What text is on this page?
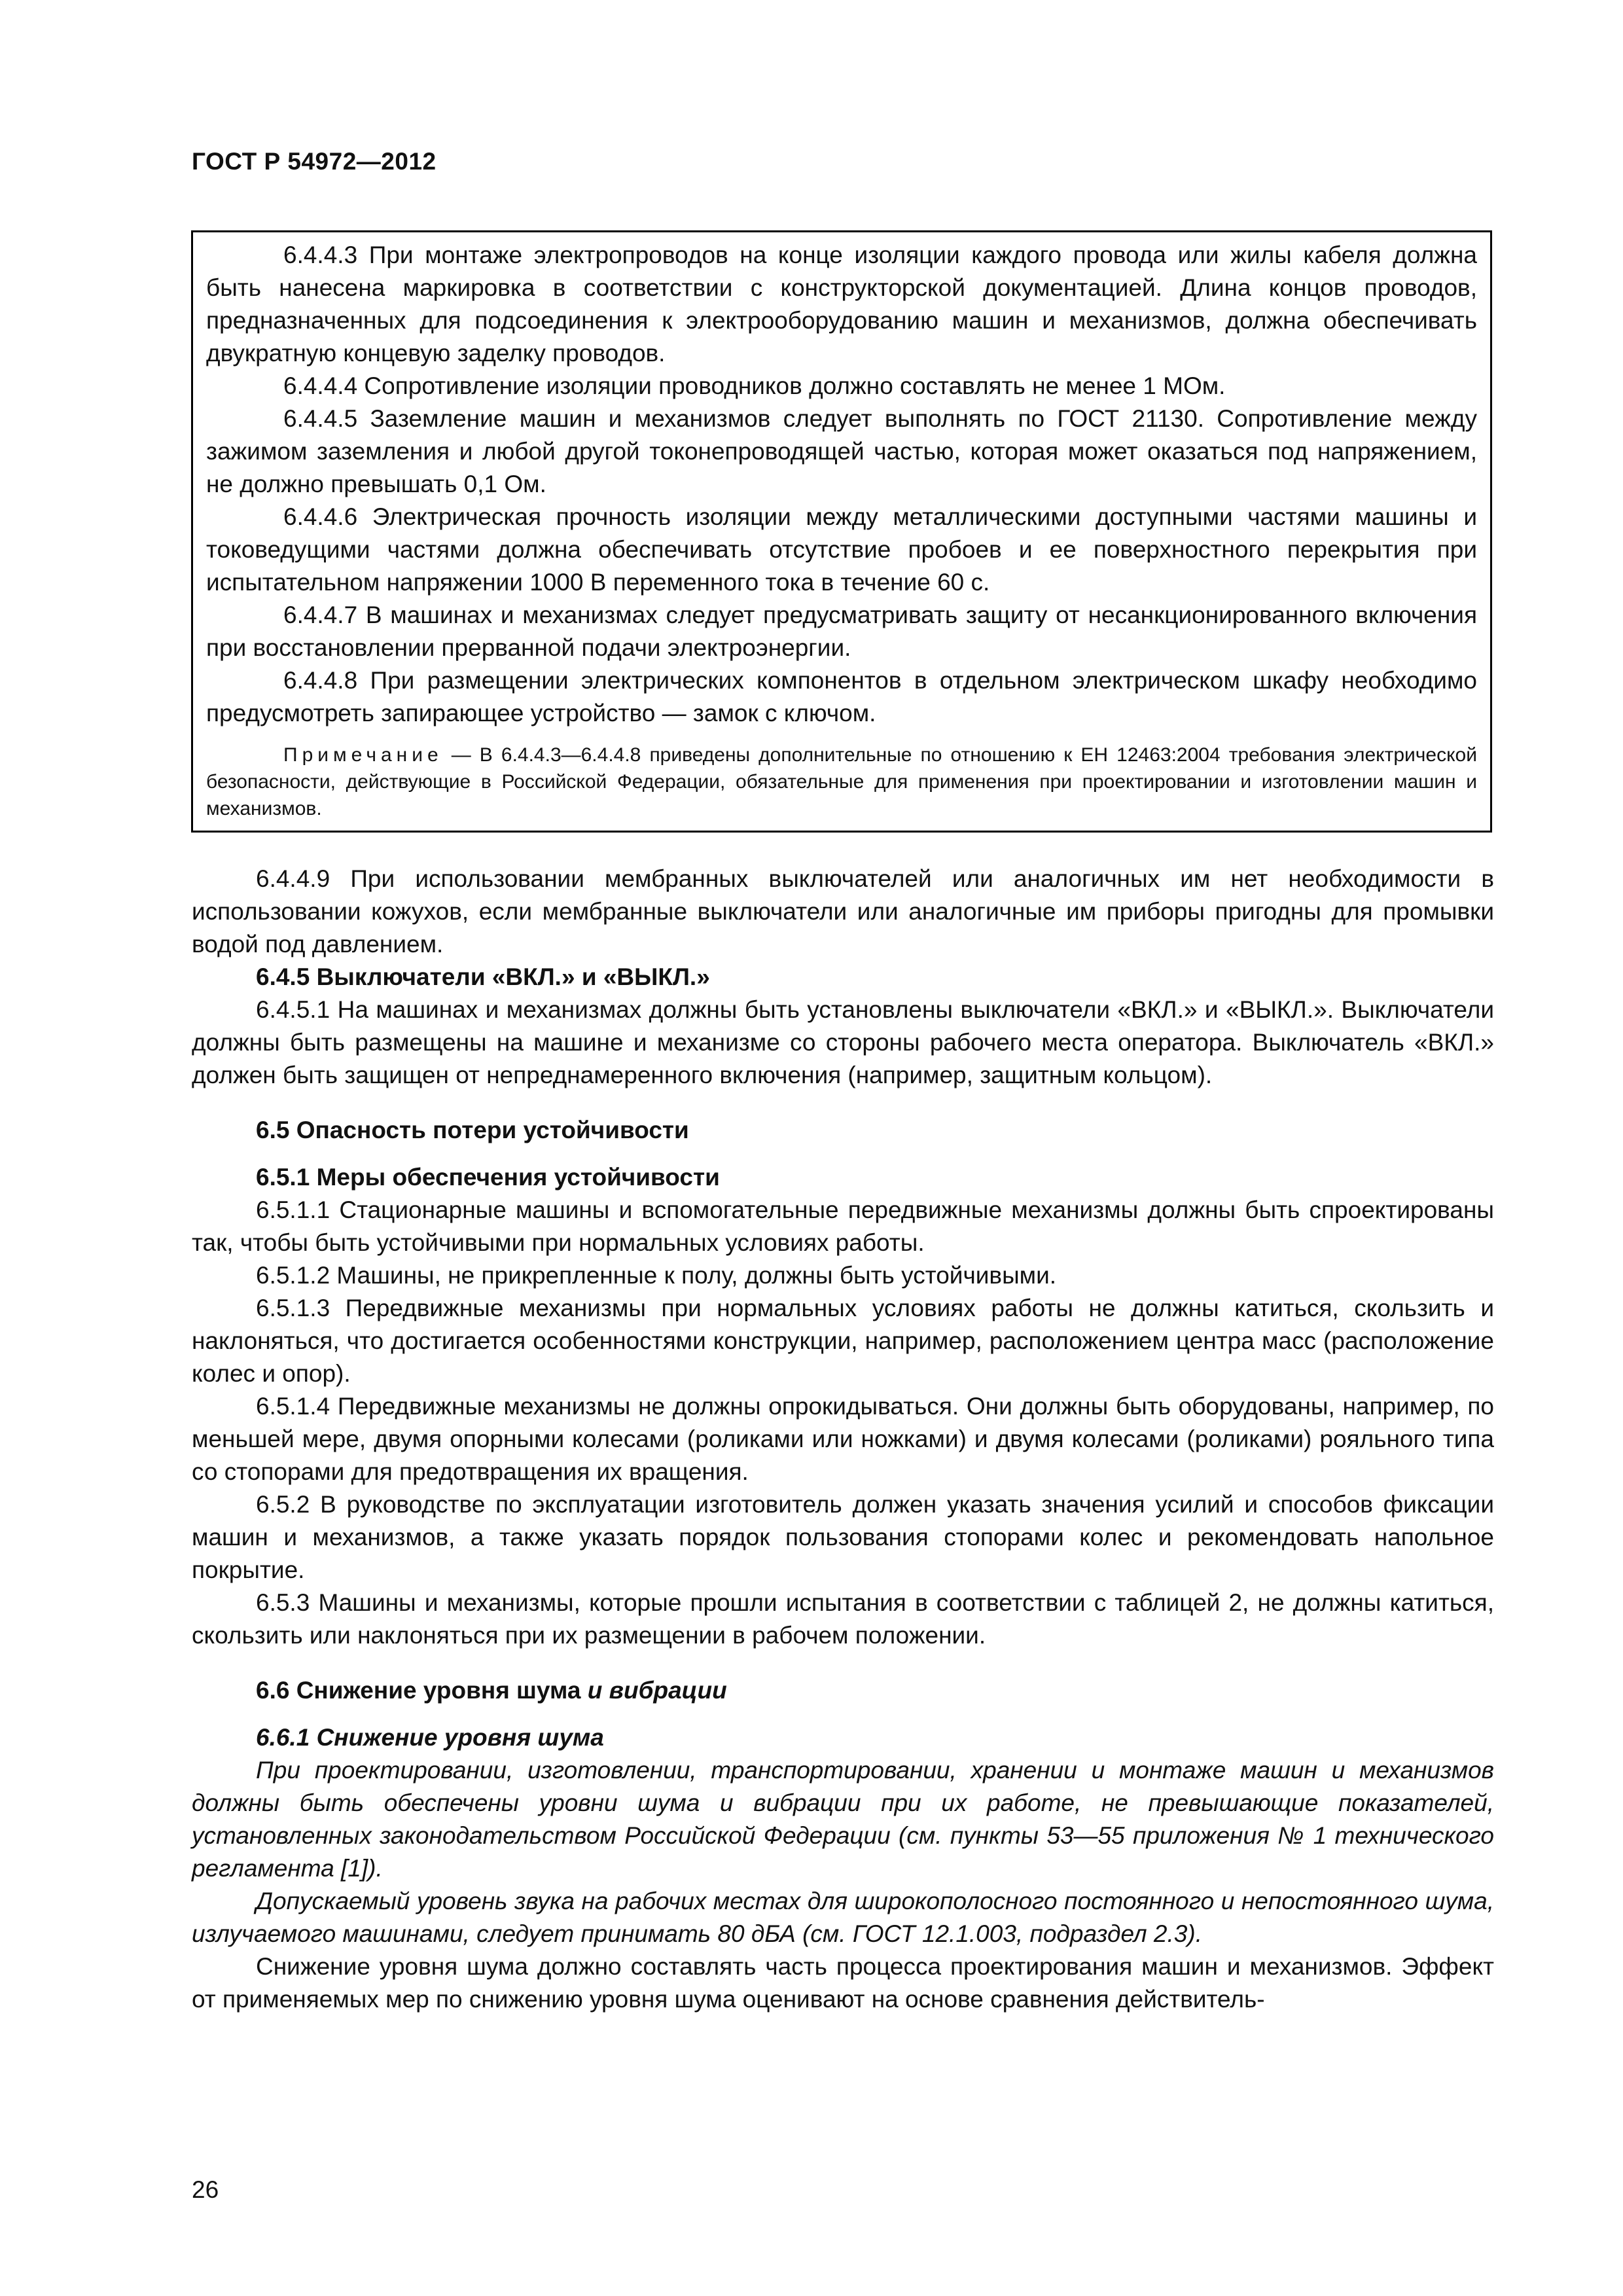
ГОСТ Р 54972—2012

6.4.4.3 При монтаже электропроводов на конце изоляции каждого провода или жилы кабеля должна быть нанесена маркировка в соответствии с конструкторской документацией. Длина концов проводов, предназначенных для подсоединения к электрооборудованию машин и механизмов, должна обеспечивать двукратную концевую заделку проводов.

6.4.4.4 Сопротивление изоляции проводников должно составлять не менее 1 МОм.

6.4.4.5 Заземление машин и механизмов следует выполнять по ГОСТ 21130. Сопротивление между зажимом заземления и любой другой токонепроводящей частью, которая может оказаться под напряжением, не должно превышать 0,1 Ом.

6.4.4.6 Электрическая прочность изоляции между металлическими доступными частями машины и токоведущими частями должна обеспечивать отсутствие пробоев и ее поверхностного перекрытия при испытательном напряжении 1000 В переменного тока в течение 60 с.

6.4.4.7 В машинах и механизмах следует предусматривать защиту от несанкционированного включения при восстановлении прерванной подачи электроэнергии.

6.4.4.8 При размещении электрических компонентов в отдельном электрическом шкафу необходимо предусмотреть запирающее устройство — замок с ключом.

Примечание — В 6.4.4.3—6.4.4.8 приведены дополнительные по отношению к ЕН 12463:2004 требования электрической безопасности, действующие в Российской Федерации, обязательные для применения при проектировании и изготовлении машин и механизмов.

6.4.4.9 При использовании мембранных выключателей или аналогичных им нет необходимости в использовании кожухов, если мембранные выключатели или аналогичные им приборы пригодны для промывки водой под давлением.

6.4.5 Выключатели «ВКЛ.» и «ВЫКЛ.»

6.4.5.1 На машинах и механизмах должны быть установлены выключатели «ВКЛ.» и «ВЫКЛ.». Выключатели должны быть размещены на машине и механизме со стороны рабочего места оператора. Выключатель «ВКЛ.» должен быть защищен от непреднамеренного включения (например, защитным кольцом).

6.5 Опасность потери устойчивости
6.5.1 Меры обеспечения устойчивости

6.5.1.1 Стационарные машины и вспомогательные передвижные механизмы должны быть спроектированы так, чтобы быть устойчивыми при нормальных условиях работы.

6.5.1.2 Машины, не прикрепленные к полу, должны быть устойчивыми.

6.5.1.3 Передвижные механизмы при нормальных условиях работы не должны катиться, скользить и наклоняться, что достигается особенностями конструкции, например, расположением центра масс (расположение колес и опор).

6.5.1.4 Передвижные механизмы не должны опрокидываться. Они должны быть оборудованы, например, по меньшей мере, двумя опорными колесами (роликами или ножками) и двумя колесами (роликами) рояльного типа со стопорами для предотвращения их вращения.

6.5.2 В руководстве по эксплуатации изготовитель должен указать значения усилий и способов фиксации машин и механизмов, а также указать порядок пользования стопорами колес и рекомендовать напольное покрытие.

6.5.3 Машины и механизмы, которые прошли испытания в соответствии с таблицей 2, не должны катиться, скользить или наклоняться при их размещении в рабочем положении.

6.6 Снижение уровня шума и вибрации
6.6.1 Снижение уровня шума

При проектировании, изготовлении, транспортировании, хранении и монтаже машин и механизмов должны быть обеспечены уровни шума и вибрации при их работе, не превышающие показателей, установленных законодательством Российской Федерации (см. пункты 53—55 приложения № 1 технического регламента [1]).

Допускаемый уровень звука на рабочих местах для широкополосного постоянного и непостоянного шума, излучаемого машинами, следует принимать 80 дБА (см. ГОСТ 12.1.003, подраздел 2.3).

Снижение уровня шума должно составлять часть процесса проектирования машин и механизмов. Эффект от применяемых мер по снижению уровня шума оценивают на основе сравнения действитель-

26
